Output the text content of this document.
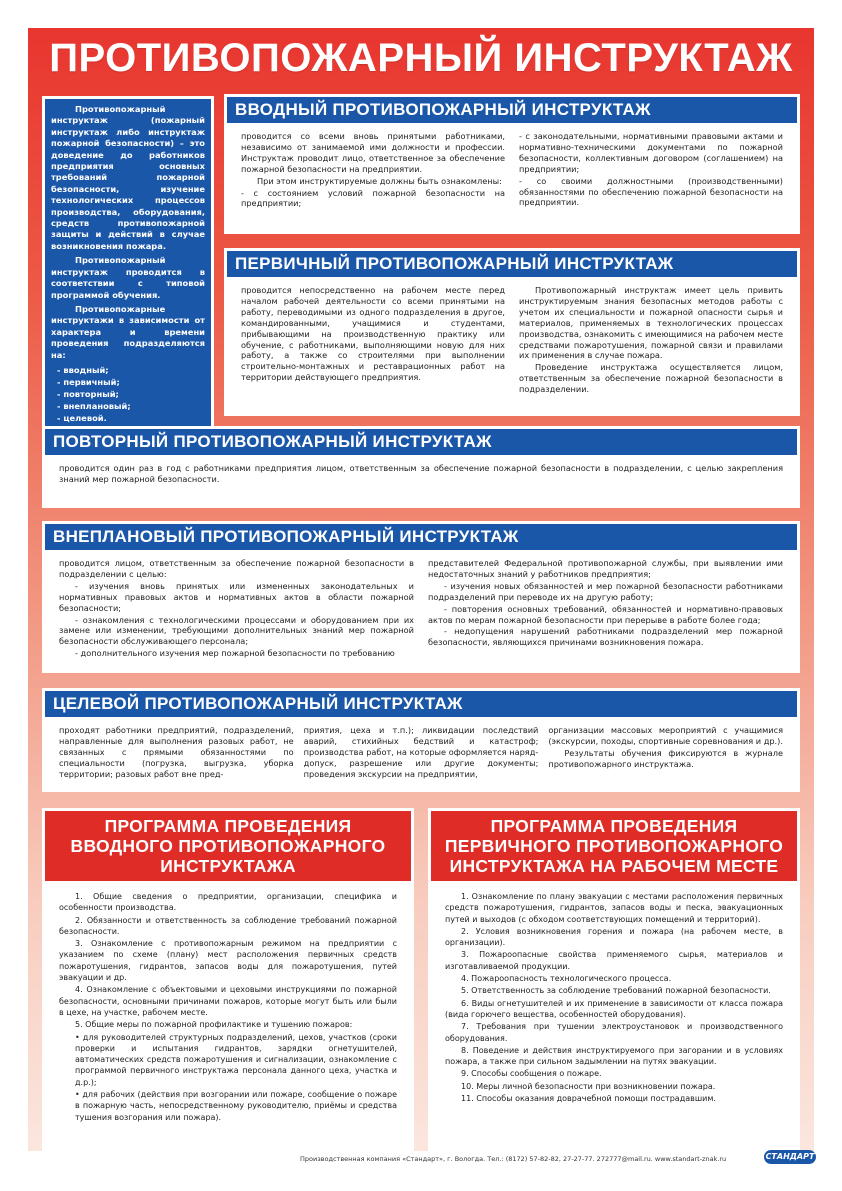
ПРОТИВОПОЖАРНЫЙ ИНСТРУКТАЖ

Противопожарный инструктаж (пожарный инструктаж либо инструктаж пожарной безопасности) – это доведение до работников предприятия основных требований пожарной безопасности, изучение технологических процессов производства, оборудования, средств противопожарной защиты и действий в случае возникновения пожара.

Противопожарный инструктаж проводится в соответствии с типовой программой обучения.

Противопожарные инструктажи в зависимости от характера и времени проведения подразделяются на:

- вводный;
- первичный;
- повторный;
- внеплановый;
- целевой.
ВВОДНЫЙ ПРОТИВОПОЖАРНЫЙ ИНСТРУКТАЖ

проводится со всеми вновь принятыми работниками, независимо от занимаемой ими должности и профессии. Инструктаж проводит лицо, ответственное за обеспечение пожарной безопасности на предприятии.

При этом инструктируемые должны быть ознакомлены:

- с состоянием условий пожарной безопасности на предприятии;

- с законодательными, нормативными правовыми актами и нормативно-техническими документами по пожарной безопасности, коллективным договором (соглашением) на предприятии;

- со своими должностными (производственными) обязанностями по обеспечению пожарной безопасности на предприятии.

ПЕРВИЧНЫЙ ПРОТИВОПОЖАРНЫЙ ИНСТРУКТАЖ

проводится непосредственно на рабочем месте перед началом рабочей деятельности со всеми принятыми на работу, переводимыми из одного подразделения в другое, командированными, учащимися и студентами, прибывающими на производственную практику или обучение, с работниками, выполняющими новую для них работу, а также со строителями при выполнении строительно-монтажных и реставрационных работ на территории действующего предприятия.

Противопожарный инструктаж имеет цель привить инструктируемым знания безопасных методов работы с учетом их специальности и пожарной опасности сырья и материалов, применяемых в технологических процессах производства, ознакомить с имеющимися на рабочем месте средствами пожаротушения, пожарной связи и правилами их применения в случае пожара.

Проведение инструктажа осуществляется лицом, ответственным за обеспечение пожарной безопасности в подразделении.

ПОВТОРНЫЙ ПРОТИВОПОЖАРНЫЙ ИНСТРУКТАЖ

проводится один раз в год с работниками предприятия лицом, ответственным за обеспечение пожарной безопасности в подразделении, с целью закрепления знаний мер пожарной безопасности.

ВНЕПЛАНОВЫЙ ПРОТИВОПОЖАРНЫЙ ИНСТРУКТАЖ

проводится лицом, ответственным за обеспечение пожарной безопасности в подразделении с целью:

- изучения вновь принятых или измененных законодательных и нормативных правовых актов и нормативных актов в области пожарной безопасности;

- ознакомления с технологическими процессами и оборудованием при их замене или изменении, требующими дополнительных знаний мер пожарной безопасности обслуживающего персонала;

- дополнительного изучения мер пожарной безопасности по требованию

представителей Федеральной противопожарной службы, при выявлении ими недостаточных знаний у работников предприятия;

- изучения новых обязанностей и мер пожарной безопасности работниками подразделений при переводе их на другую работу;

- повторения основных требований, обязанностей и нормативно-правовых актов по мерам пожарной безопасности при перерыве в работе более года;

- недопущения нарушений работниками подразделений мер пожарной безопасности, являющихся причинами возникновения пожара.

ЦЕЛЕВОЙ ПРОТИВОПОЖАРНЫЙ ИНСТРУКТАЖ

проходят работники предприятий, подразделений, направленные для выполнения разовых работ, не связанных с прямыми обязанностями по специальности (погрузка, выгрузка, уборка территории; разовых работ вне пред-

приятия, цеха и т.п.); ликвидации последствий аварий, стихийных бедствий и катастроф; производства работ, на которые оформляется наряд-допуск, разрешение или другие документы; проведения экскурсии на предприятии,

организации массовых мероприятий с учащимися (экскурсии, походы, спортивные соревнования и др.).

Результаты обучения фиксируются в журнале противопожарного инструктажа.

ПРОГРАММА ПРОВЕДЕНИЯ
ВВОДНОГО ПРОТИВОПОЖАРНОГО
ИНСТРУКТАЖА

1. Общие сведения о предприятии, организации, специфика и особенности производства.

2. Обязанности и ответственность за соблюдение требований пожарной безопасности.

3. Ознакомление с противопожарным режимом на предприятии с указанием по схеме (плану) мест расположения первичных средств пожаротушения, гидрантов, запасов воды для пожаротушения, путей эвакуации и др.

4. Ознакомление с объектовыми и цеховыми инструкциями по пожарной безопасности, основными причинами пожаров, которые могут быть или были в цехе, на участке, рабочем месте.

5. Общие меры по пожарной профилактике и тушению пожаров:

• для руководителей структурных подразделений, цехов, участков (сроки проверки и испытания гидрантов, зарядки огнетушителей, автоматических средств пожаротушения и сигнализации, ознакомление с программой первичного инструктажа персонала данного цеха, участка и д.р.);

• для рабочих (действия при возгорании или пожаре, сообщение о пожаре в пожарную часть, непосредственному руководителю, приёмы и средства тушения возгорания или пожара).

ПРОГРАММА ПРОВЕДЕНИЯ
ПЕРВИЧНОГО ПРОТИВОПОЖАРНОГО
ИНСТРУКТАЖА НА РАБОЧЕМ МЕСТЕ

1. Ознакомление по плану эвакуации с местами расположения первичных средств пожаротушения, гидрантов, запасов воды и песка, эвакуационных путей и выходов (с обходом соответствующих помещений и территорий).

2. Условия возникновения горения и пожара (на рабочем месте, в организации).

3. Пожароопасные свойства применяемого сырья, материалов и изготавливаемой продукции.

4. Пожароопасность технологического процесса.

5. Ответственность за соблюдение требований пожарной безопасности.

6. Виды огнетушителей и их применение в зависимости от класса пожара (вида горючего вещества, особенностей оборудования).

7. Требования при тушении электроустановок и производственного оборудования.

8. Поведение и действия инструктируемого при загорании и в условиях пожара, а также при сильном задымлении на путях эвакуации.

9. Способы сообщения о пожаре.

10. Меры личной безопасности при возникновении пожара.

11. Способы оказания доврачебной помощи пострадавшим.

Производственная компания «Стандарт», г. Вологда. Тел.: (8172) 57-82-82, 27-27-77. 272777@mail.ru. www.standart-znak.ru	СТАНДАРТ
